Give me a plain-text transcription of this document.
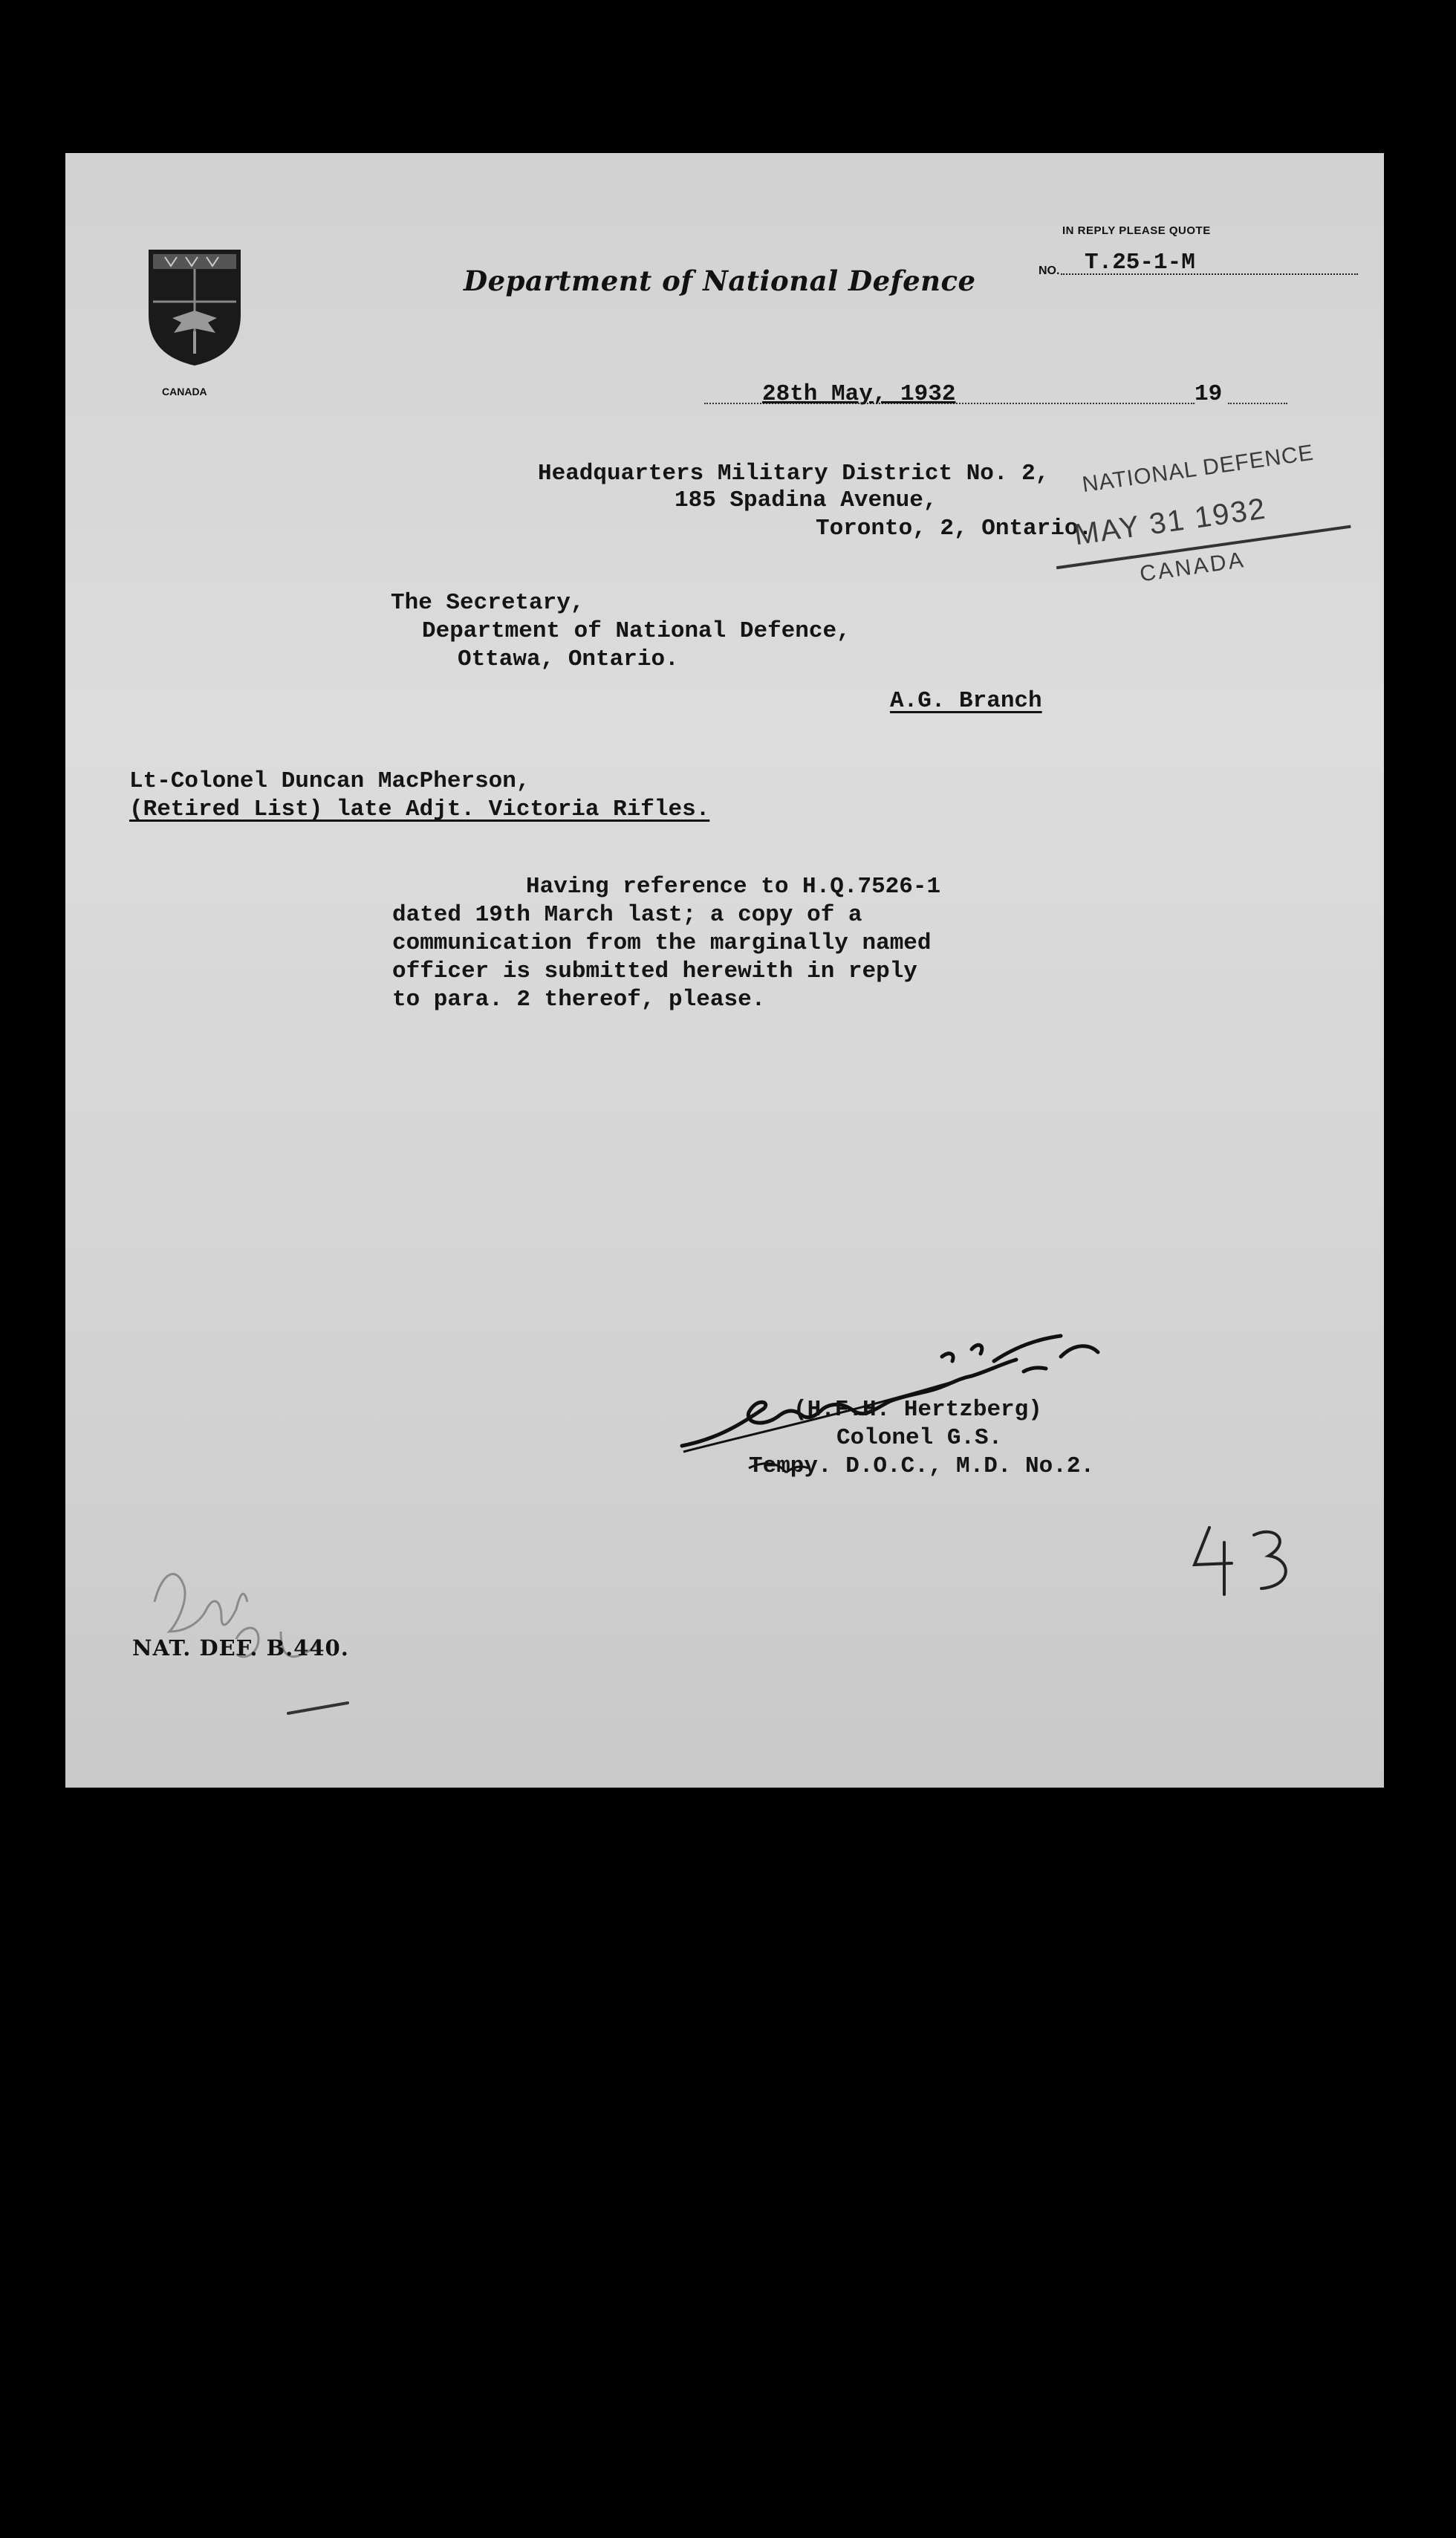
CANADA
Department of National Defence
IN REPLY PLEASE QUOTE
NO. T.25-1-M
28th May, 1932	19
Headquarters Military District No. 2,
185 Spadina Avenue,
Toronto, 2, Ontario.
NATIONAL DEFENCE
MAY 31 1932
CANADA
The Secretary,
Department of National Defence,
Ottawa, Ontario.
A.G. Branch
Lt-Colonel Duncan MacPherson,
(Retired List) late Adjt. Victoria Rifles.
Having reference to H.Q.7526-1
dated 19th March last; a copy of a
communication from the marginally named
officer is submitted herewith in reply
to para. 2 thereof, please.
(H.F.H. Hertzberg)
Colonel G.S.
Tempy. D.O.C., M.D. No.2.
NAT. DEF. B.440.
